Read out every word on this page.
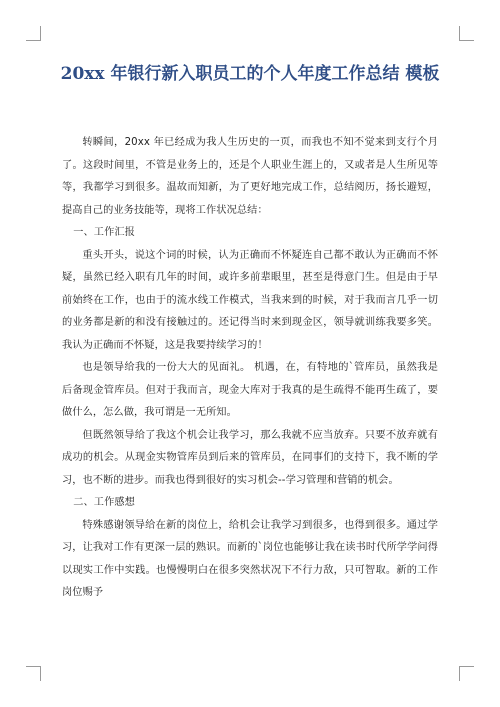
20xx 年银行新入职员工的个人年度工作总结 模板

转瞬间，20xx 年已经成为我人生历史的一页，而我也不知不觉来到支行个月了。这段时间里，不管是业务上的，还是个人职业生涯上的，又或者是人生所见等等，我都学习到很多。温故而知新，为了更好地完成工作，总结阅历，扬长避短，提高自己的业务技能等，现将工作状况总结：

一、工作汇报

重头开头，说这个词的时候，认为正确而不怀疑连自己都不敢认为正确而不怀疑，虽然已经入职有几年的时间，或许多前辈眼里，甚至是得意门生。但是由于早前始终在工作，也由于的流水线工作模式，当我来到的时候，对于我而言几乎一切的业务都是新的和没有接触过的。还记得当时来到现金区，领导就训练我要多笑。我认为正确而不怀疑，这是我要持续学习的！

也是领导给我的一份大大的见面礼。 机遇，在，有特地的`管库员，虽然我是后备现金管库员。但对于我而言，现金大库对于我真的是生疏得不能再生疏了，要做什么，怎么做，我可谓是一无所知。

但既然领导给了我这个机会让我学习，那么我就不应当放弃。只要不放弃就有 成功的机会。从现金实物管库员到后来的管库员，在同事们的支持下，我不断的学习，也不断的进步。而我也得到很好的实习机会--学习管理和营销的机会。

二、工作感想

特殊感谢领导给在新的岗位上，给机会让我学习到很多，也得到很多。通过学习，让我对工作有更深一层的熟识。而新的`岗位也能够让我在读书时代所学学问得以现实工作中实践。也慢慢明白在很多突然状况下不行力敌，只可智取。新的工作岗位赐予
